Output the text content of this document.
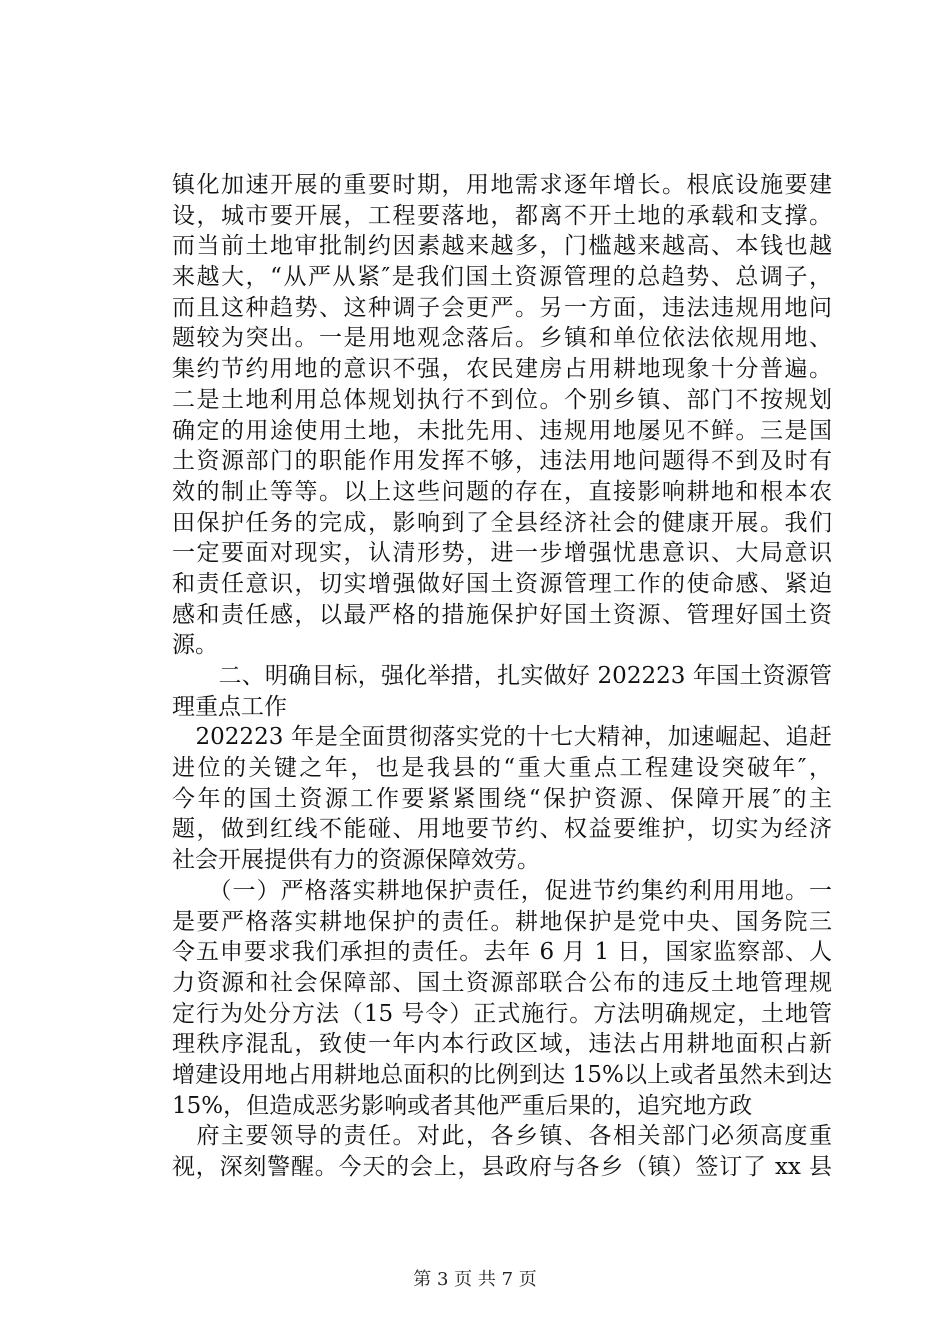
镇化加速开展的重要时期，用地需求逐年增长。根底设施要建
设，城市要开展，工程要落地，都离不开土地的承载和支撑。
而当前土地审批制约因素越来越多，门槛越来越高、本钱也越
来越大，“从严从紧″是我们国土资源管理的总趋势、总调子，
而且这种趋势、这种调子会更严。另一方面，违法违规用地问
题较为突出。一是用地观念落后。乡镇和单位依法依规用地、
集约节约用地的意识不强，农民建房占用耕地现象十分普遍。
二是土地利用总体规划执行不到位。个别乡镇、部门不按规划
确定的用途使用土地，未批先用、违规用地屡见不鲜。三是国
土资源部门的职能作用发挥不够，违法用地问题得不到及时有
效的制止等等。以上这些问题的存在，直接影响耕地和根本农
田保护任务的完成，影响到了全县经济社会的健康开展。我们
一定要面对现实，认清形势，进一步增强忧患意识、大局意识
和责任意识，切实增强做好国土资源管理工作的使命感、紧迫
感和责任感，以最严格的措施保护好国土资源、管理好国土资
源。
　　二、明确目标，强化举措，扎实做好 202223 年国土资源管
理重点工作
　202223 年是全面贯彻落实党的十七大精神，加速崛起、追赶
进位的关键之年，也是我县的“重大重点工程建设突破年″，
今年的国土资源工作要紧紧围绕“保护资源、保障开展″的主
题，做到红线不能碰、用地要节约、权益要维护，切实为经济
社会开展提供有力的资源保障效劳。
　　（一）严格落实耕地保护责任，促进节约集约利用用地。一
是要严格落实耕地保护的责任。耕地保护是党中央、国务院三
令五申要求我们承担的责任。去年 6 月 1 日，国家监察部、人
力资源和社会保障部、国土资源部联合公布的违反土地管理规
定行为处分方法（15 号令）正式施行。方法明确规定，土地管
理秩序混乱，致使一年内本行政区域，违法占用耕地面积占新
增建设用地占用耕地总面积的比例到达 15%以上或者虽然未到达
15%，但造成恶劣影响或者其他严重后果的，追究地方政
　府主要领导的责任。对此，各乡镇、各相关部门必须高度重
视，深刻警醒。今天的会上，县政府与各乡（镇）签订了 xx 县
第 3 页 共 7 页
